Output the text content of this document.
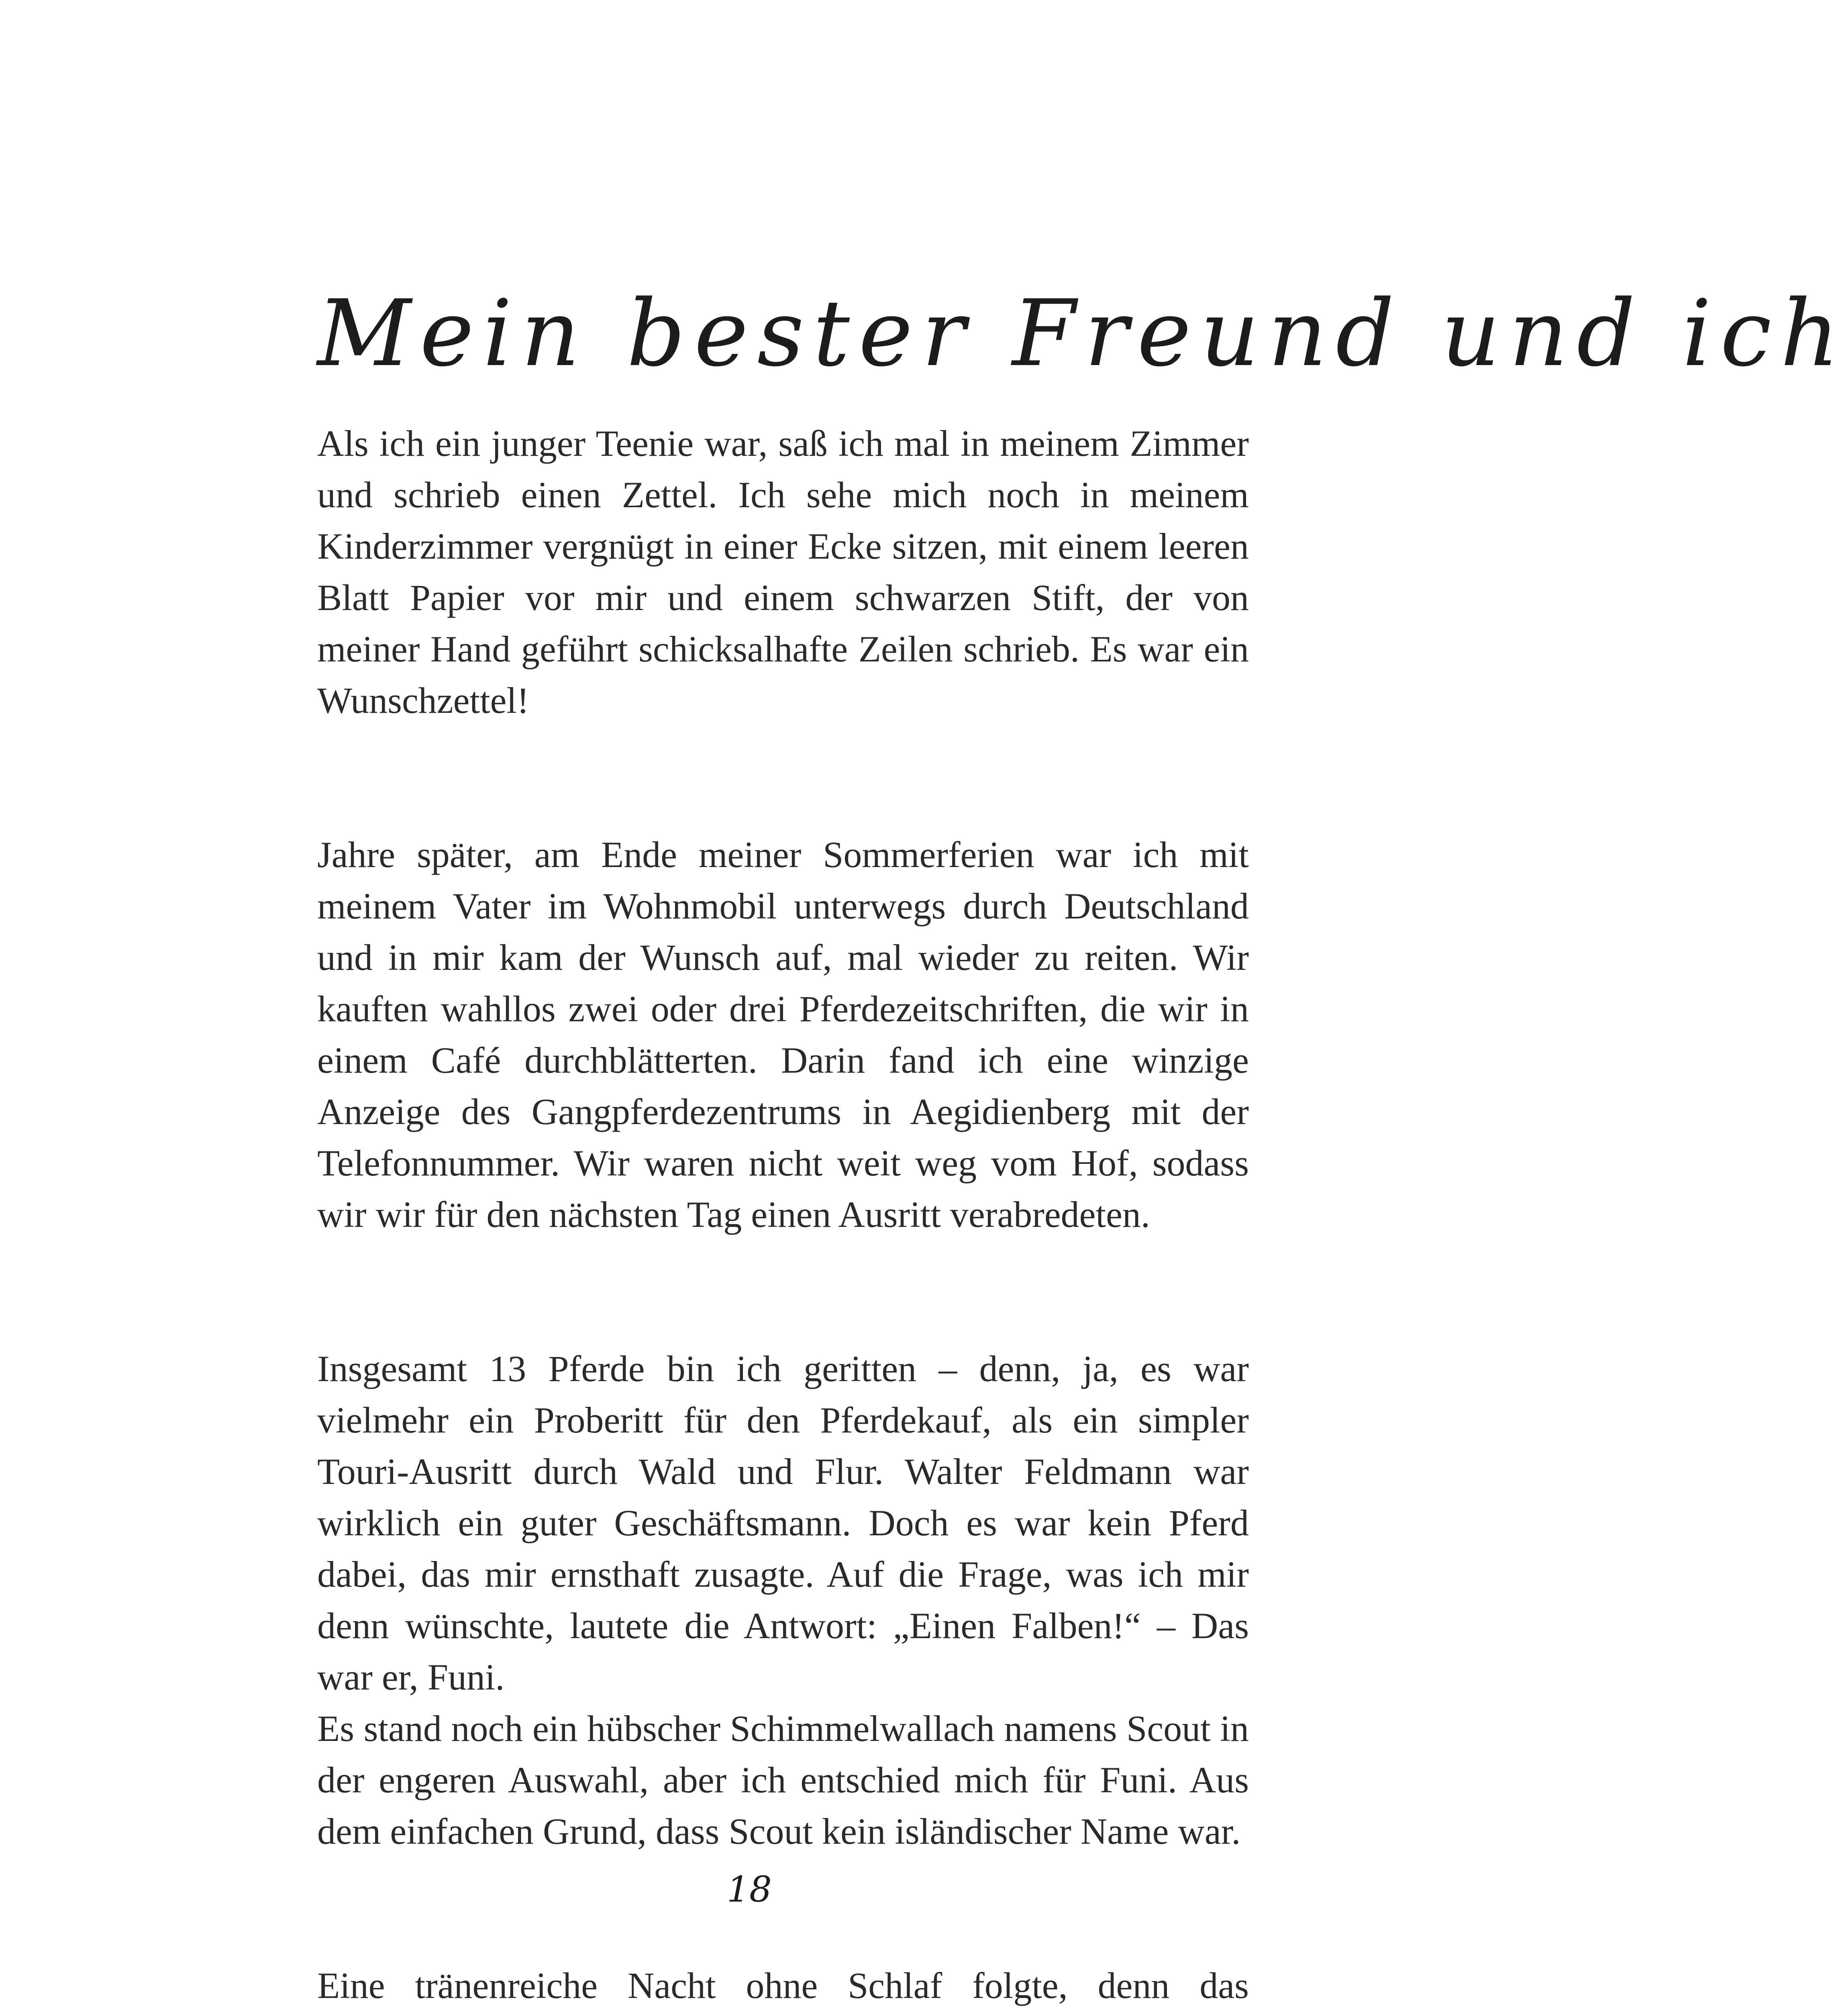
Mein bester Freund und ich

Als ich ein junger Teenie war, saß ich mal in meinem Zimmer und schrieb einen Zettel. Ich sehe mich noch in meinem Kinderzimmer vergnügt in einer Ecke sitzen, mit einem leeren Blatt Papier vor mir und einem schwarzen Stift, der von meiner Hand geführt schicksalhafte Zeilen schrieb. Es war ein Wunschzettel!

Jahre später, am Ende meiner Sommerferien war ich mit meinem Vater im Wohnmobil unterwegs durch Deutschland und in mir kam der Wunsch auf, mal wieder zu reiten. Wir kauften wahllos zwei oder drei Pferdezeitschriften, die wir in einem Café durchblätterten. Darin fand ich eine winzige Anzeige des Gangpferdezentrums in Aegidienberg mit der Telefonnummer. Wir waren nicht weit weg vom Hof, sodass wir wir für den nächsten Tag einen Ausritt verabredeten.

Insgesamt 13 Pferde bin ich geritten – denn, ja, es war vielmehr ein Proberitt für den Pferdekauf, als ein simpler Touri-Ausritt durch Wald und Flur. Walter Feldmann war wirklich ein guter Geschäftsmann. Doch es war kein Pferd dabei, das mir ernsthaft zusagte. Auf die Frage, was ich mir denn wünschte, lautete die Antwort: „Einen Falben!“ – Das war er, Funi.

Es stand noch ein hübscher Schimmelwallach namens Scout in der engeren Auswahl, aber ich entschied mich für Funi. Aus dem einfachen Grund, dass Scout kein isländischer Name war.

Eine tränenreiche Nacht ohne Schlaf folgte, denn das

18
